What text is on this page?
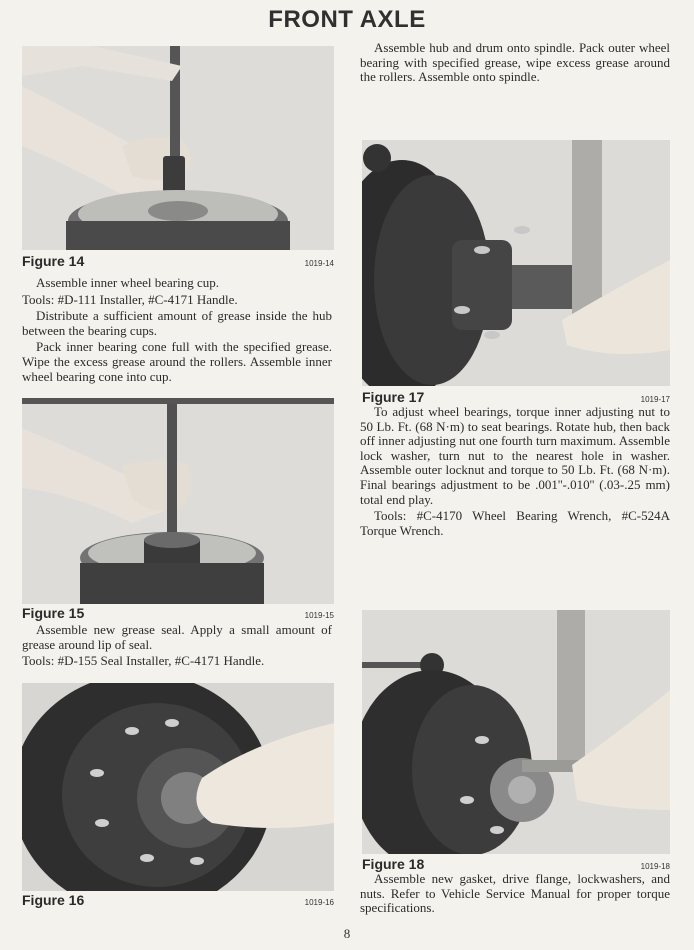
FRONT AXLE
Figure 14	1019-14

Assemble inner wheel bearing cup.

Tools: #D-111 Installer, #C-4171 Handle.

Distribute a sufficient amount of grease inside the hub between the bearing cups.

Pack inner bearing cone full with the specified grease. Wipe the excess grease around the rollers. Assemble inner wheel bearing cone into cup.

Figure 15	1019-15

Assemble new grease seal. Apply a small amount of grease around lip of seal.

Tools: #D-155 Seal Installer, #C-4171 Handle.

Figure 16	1019-16

Assemble hub and drum onto spindle. Pack outer wheel bearing with specified grease, wipe excess grease around the rollers. Assemble onto spindle.

Figure 17	1019-17

To adjust wheel bearings, torque inner adjusting nut to 50 Lb. Ft. (68 N·m) to seat bearings. Rotate hub, then back off inner adjusting nut one fourth turn maximum. Assemble lock washer, turn nut to the nearest hole in washer. Assemble outer locknut and torque to 50 Lb. Ft. (68 N·m). Final bearings adjustment to be .001''-.010'' (.03-.25 mm) total end play.

Tools: #C-4170 Wheel Bearing Wrench, #C-524A Torque Wrench.

Figure 18	1019-18

Assemble new gasket, drive flange, lockwashers, and nuts. Refer to Vehicle Service Manual for proper torque specifications.

8
